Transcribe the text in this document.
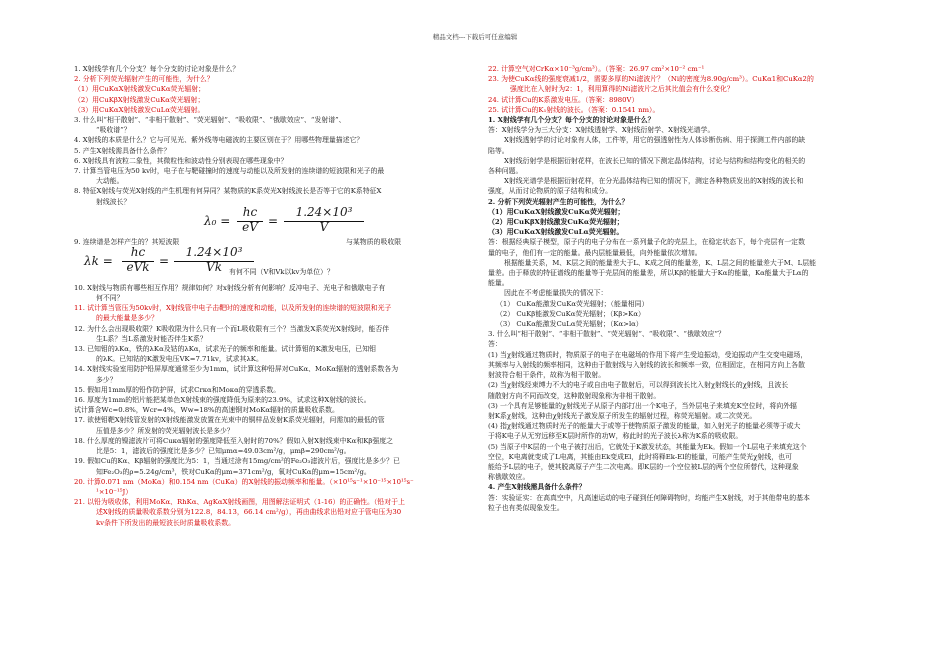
精品文档---下载后可任意编辑
1. X射线学有几个分支？每个分支的讨论对象是什么？
2. 分析下列荧光辐射产生的可能性，为什么？
（1）用CuKαX射线激发CuKα荧光辐射；
（2）用CuKβX射线激发CuKα荧光辐射；
（3）用CuKαX射线激发CuLα荧光辐射。
3. 什么叫“相干散射”、“非相干散射”、“荧光辐射”、“吸收限”、“俄歇效应”、“发射谱”、
“吸收谱”？
4. X射线的本质是什么？它与可见光、紫外线等电磁波的主要区别在于？用哪些物理量描述它？
5. 产生X射线需具备什么条件？
6. X射线具有波粒二象性，其微粒性和波动性分别表现在哪些现象中？
7. 计算当管电压为50 kv时，电子在与靶碰撞时的速度与动能以及所发射的连续谱的短波限和光子的最
大动能。
8. 特征X射线与荧光X射线的产生机理有何异同？某物质的K系荧光X射线波长是否等于它的K系特征X
射线波长？
λ₀ =
hc
eV =
1.24×10³
V
9. 连续谱是怎样产生的？其短波限	与某物质的吸收限
λk =
hc
eVk =
1.24×10³
Vk	有何不同（V和Vk以kv为单位）？
10. X射线与物质有哪些相互作用？规律如何？对x射线分析有何影响？反冲电子、光电子和俄歇电子有
何不同？
11. 试计算当管压为50kv时，X射线管中电子击靶时的速度和动能，以及所发射的连续谱的短波限和光子
的最大能量是多少？
12. 为什么会出现吸收限？K吸收限为什么只有一个而L吸收限有三个？当激发X系荧光X射线时，能否伴
生L系？当L系激发时能否伴生K系？
13. 已知钼的λKα，铁的λKα及钴的λKα，试求光子的频率和能量。试计算钼的K激发电压，已知钼
的λK。已知钴的K激发电压VK=7.71kv，试求其λK。
14. X射线实验室用防护铅屏厚度通常至少为1mm，试计算这种铅屏对CuKα、MoKα辐射的透射系数各为
多少？
15. 假如用1mm厚的铅作防护屏，试求Crκα和Moκα的穿透系数。
16. 厚度为1mm的铝片能把某单色X射线束的强度降低为原来的23.9%，试求这种X射线的波长。
试计算含Wc=0.8%，Wcr=4%，Ww=18%的高速钢对MoKα辐射的质量吸收系数。
17. 欲使钼靶X射线管发射的X射线能激发放置在光束中的铜样品发射K系荧光辐射，问需加的最低的管
压值是多少？所发射的荧光辐射波长是多少？
18. 什么厚度的镍滤波片可将Cuκα辐射的强度降低至入射时的70%？假如入射X射线束中Kα和Kβ强度之
比是5：1，滤波后的强度比是多少？已知μmα=49.03cm²/g，μmβ=290cm²/g。
19. 假如Cu的Kα、Kβ辐射的强度比为5：1，当通过涂有15mg/cm²的Fe₂O₃滤波片后，强度比是多少？已
知Fe₂O₃的ρ=5.24g/cm³，铁对CuKα的μm=371cm²/g，氧对CuKα的μm=15cm²/g。
20. 计算0.071 nm（MoKα）和0.154 nm（CuKα）的X射线的振动频率和能量。（×10¹⁵s⁻¹×10⁻¹⁵×10¹⁵s⁻
¹×10⁻¹⁵J）
21. 以铅为吸收体，利用MoKα、RhKα、AgKαX射线画图，用图解法证明式（1-16）的正确性。（铅对于上
述X射线的质量吸收系数分别为122.8，84.13，66.14 cm²/g），再由曲线求出铅对应于管电压为30
kv条件下所发出的最短波长时质量吸收系数。
22. 计算空气对CrKα×10⁻³g/cm³）。（答案：26.97 cm²×10⁻² cm⁻¹
23. 为使CuKα线的强度衰减1/2，需要多厚的Ni滤波片？（Ni的密度为8.90g/cm³）。CuKα1和CuKα2的
强度比在入射时为2：1，利用算得的Ni滤波片之后其比值会有什么变化？
24. 试计算Cu的K系激发电压。（答案：8980V）
25. 试计算Cu的K₁射线的波长。（答案：0.1541 nm）。
1. X射线学有几个分支？每个分支的讨论对象是什么？
答：X射线学分为三大分支：X射线透射学、X射线衍射学、X射线光谱学。
X射线透射学的讨论对象有人体，工件等，用它的强透射性为人体诊断伤病、用于探测工件内部的缺
陷等。
X射线衍射学是根据衍射花样，在波长已知的情况下测定晶体结构，讨论与结构和结构变化的相关的
各种问题。
X射线光谱学是根据衍射花样，在分光晶体结构已知的情况下，测定各种物质发出的X射线的波长和
强度，从而讨论物质的原子结构和成分。
2. 分析下列荧光辐射产生的可能性，为什么？
（1）用CuKαX射线激发CuKα荧光辐射；
（2）用CuKβX射线激发CuKα荧光辐射；
（3）用CuKαX射线激发CuLα荧光辐射。
答：根据经典原子模型，原子内的电子分布在一系列量子化的壳层上，在稳定状态下，每个壳层有一定数
量的电子，他们有一定的能量。最内层能量最低，向外能量依次增加。
根据能量关系，M、K层之间的能量差大于L、K成之间的能量差，K、L层之间的能量差大于M、L层能
量差。由于释放的特征谱线的能量等于壳层间的能量差，所以Kβ的能量大于Kα的能量，Kα能量大于Lα的
能量。
因此在不考虑能量损失的情况下：
（1） CuKα能激发CuKα荧光辐射；（能量相同）
（2） CuKβ能激发CuKα荧光辐射；（Kβ>Kα）
（3） CuKα能激发CuLα荧光辐射；（Kα>lα）
3. 什么叫“相干散射”、“非相干散射”、“荧光辐射”、“吸收限”、“俄歇效应”？
答：
(1) 当χ射线通过物质时，物质原子的电子在电磁场的作用下将产生受迫振动，受迫振动产生交变电磁场，
其频率与入射线的频率相同，这种由于散射线与入射线的波长和频率一致，位相固定，在相同方向上各散
射波符合相干条件，故称为相干散射。
(2) 当χ射线经束缚力不大的电子或自由电子散射后，可以得到波长比入射χ射线长的χ射线，且波长
随散射方向不同而改变，这种散射现象称为非相干散射。
(3) 一个具有足够能量的χ射线光子从原子内部打出一个K电子，当外层电子来填充K空位时，将向外辐
射K系χ射线，这种由χ射线光子激发原子所发生的辐射过程，称荧光辐射。或二次荧光。
(4) 指χ射线通过物质时光子的能量大于或等于使物质原子激发的能量，如入射光子的能量必须等于或大
于将K电子从无穷远移至K层时所作的功W，称此时的光子波长λ称为K系的吸收限。
(5) 当原子中K层的一个电子被打出后，它就处于K激发状态，其能量为Ek。假如一个L层电子来填充这个
空位，K电离就变成了L电离，其能由Ek变成El，此时将释Ek-El的能量，可能产生荧光χ射线，也可
能给予L层的电子，使其脱离原子产生二次电离。即K层的一个空位被L层的两个空位所替代，这种现象
称俄歇效应。
4. 产生X射线需具备什么条件？
答：实验证实：在高真空中，凡高速运动的电子碰到任何障碍物时，均能产生X射线，对于其他带电的基本
粒子也有类似现象发生。
